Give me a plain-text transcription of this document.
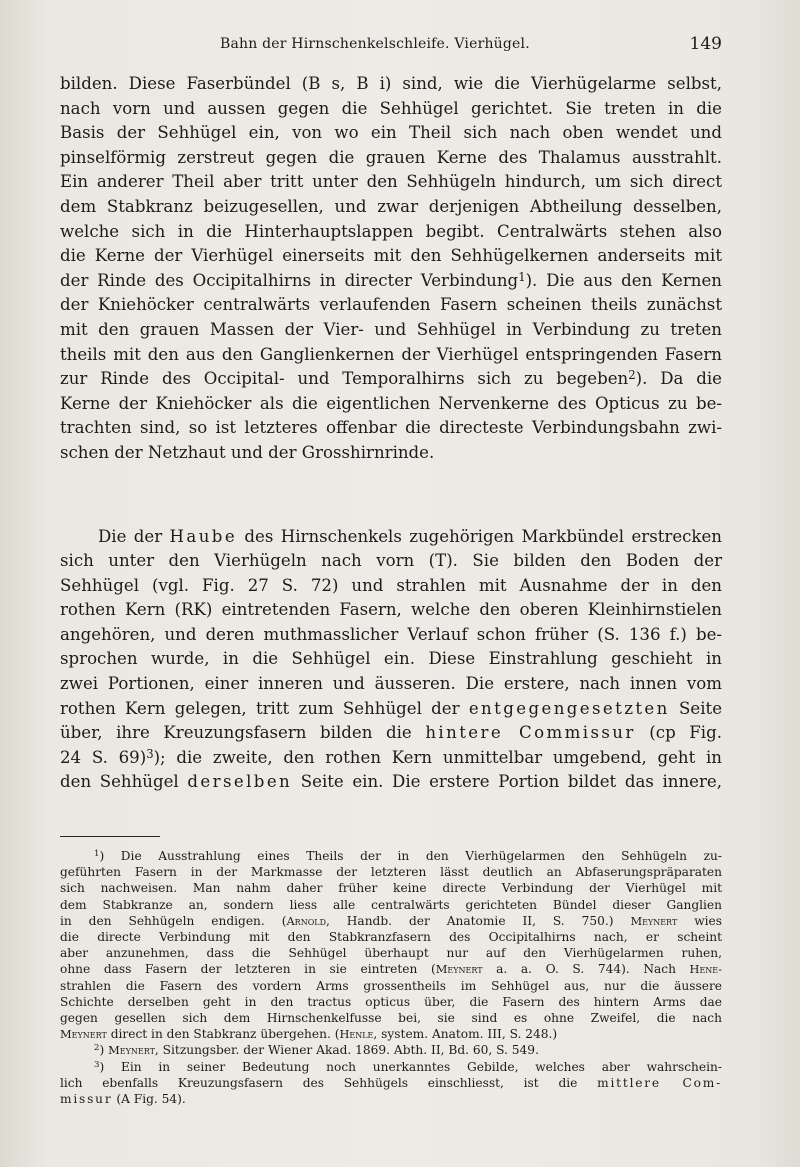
Bahn der Hirnschenkelschleife. Vierhügel.	149

bilden. Diese Faserbündel (B s, B i) sind, wie die Vierhügelarme selbst,

nach vorn und aussen gegen die Sehhügel gerichtet. Sie treten in die

Basis der Sehhügel ein, von wo ein Theil sich nach oben wendet und

pinselförmig zerstreut gegen die grauen Kerne des Thalamus ausstrahlt.

Ein anderer Theil aber tritt unter den Sehhügeln hindurch, um sich direct

dem Stabkranz beizugesellen, und zwar derjenigen Abtheilung desselben,

welche sich in die Hinterhauptslappen begibt. Centralwärts stehen also

die Kerne der Vierhügel einerseits mit den Sehhügelkernen anderseits mit

der Rinde des Occipitalhirns in directer Verbindung$^1$). Die aus den Kernen

der Kniehöcker centralwärts verlaufenden Fasern scheinen theils zunächst

mit den grauen Massen der Vier- und Sehhügel in Verbindung zu treten

theils mit den aus den Ganglienkernen der Vierhügel entspringenden Fasern

zur Rinde des Occipital- und Temporalhirns sich zu begeben$^2$). Da die

Kerne der Kniehöcker als die eigentlichen Nervenkerne des Opticus zu be-

trachten sind, so ist letzteres offenbar die directeste Verbindungsbahn zwi-

schen der Netzhaut und der Grosshirnrinde.

Die der Haube des Hirnschenkels zugehörigen Markbündel erstrecken

sich unter den Vierhügeln nach vorn (T). Sie bilden den Boden der

Sehhügel (vgl. Fig. 27 S. 72) und strahlen mit Ausnahme der in den

rothen Kern (RK) eintretenden Fasern, welche den oberen Kleinhirnstielen

angehören, und deren muthmasslicher Verlauf schon früher (S. 136 f.) be-

sprochen wurde, in die Sehhügel ein. Diese Einstrahlung geschieht in

zwei Portionen, einer inneren und äusseren. Die erstere, nach innen vom

rothen Kern gelegen, tritt zum Sehhügel der entgegengesetzten Seite

über, ihre Kreuzungsfasern bilden die hintere Commissur (cp Fig.

24 S. 69)$^3$); die zweite, den rothen Kern unmittelbar umgebend, geht in

den Sehhügel derselben Seite ein. Die erstere Portion bildet das innere,

$^1$) Die Ausstrahlung eines Theils der in den Vierhügelarmen den Sehhügeln zu-

geführten Fasern in der Markmasse der letzteren lässt deutlich an Abfaserungspräparaten

sich nachweisen. Man nahm daher früher keine directe Verbindung der Vierhügel mit

dem Stabkranze an, sondern liess alle centralwärts gerichteten Bündel dieser Ganglien

in den Sehhügeln endigen. (Arnold, Handb. der Anatomie II, S. 750.) Meynert wies

die directe Verbindung mit den Stabkranzfasern des Occipitalhirns nach, er scheint

aber anzunehmen, dass die Sehhügel überhaupt nur auf den Vierhügelarmen ruhen,

ohne dass Fasern der letzteren in sie eintreten (Meynert a. a. O. S. 744). Nach Hene-

strahlen die Fasern des vordern Arms grossentheils im Sehhügel aus, nur die äussere

Schichte derselben geht in den tractus opticus über, die Fasern des hintern Arms dae

gegen gesellen sich dem Hirnschenkelfusse bei, sie sind es ohne Zweifel, die nach

Meynert direct in den Stabkranz übergehen. (Henle, system. Anatom. III, S. 248.)

$^2$) Meynert, Sitzungsber. der Wiener Akad. 1869. Abth. II, Bd. 60, S. 549.

$^3$) Ein in seiner Bedeutung noch unerkanntes Gebilde, welches aber wahrschein-

lich ebenfalls Kreuzungsfasern des Sehhügels einschliesst, ist die mittlere Com-

missur (A Fig. 54).
